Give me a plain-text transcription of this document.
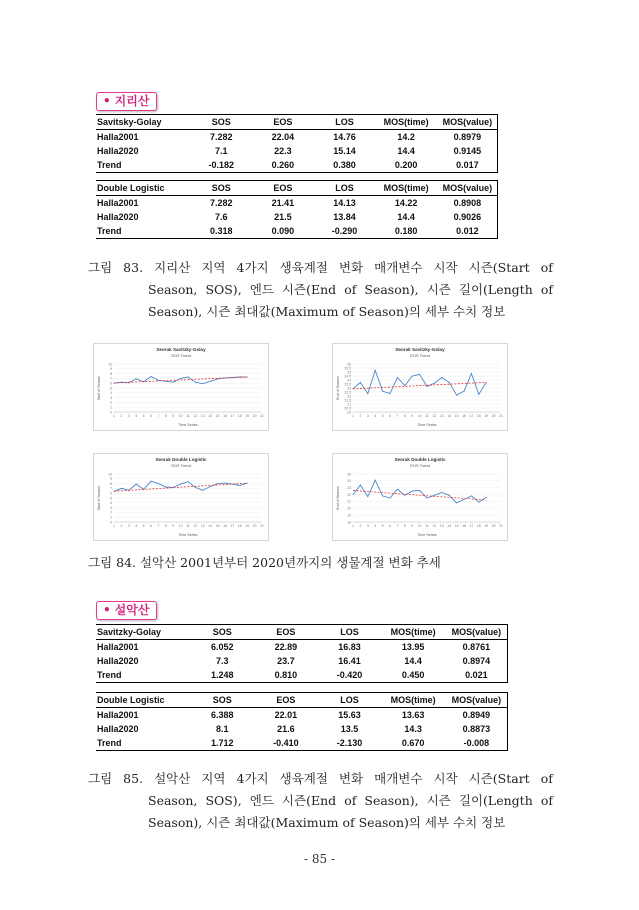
• 지리산
Savitsky-Golay	SOS	EOS	LOS	MOS(time)	MOS(value)
Halla2001	7.282	22.04	14.76	14.2	0.8979
Halla2020	7.1	22.3	15.14	14.4	0.9145
Trend	-0.182	0.260	0.380	0.200	0.017
Double Logistic	SOS	EOS	LOS	MOS(time)	MOS(value)
Halla2001	7.282	21.41	14.13	14.22	0.8908
Halla2020	7.6	21.5	13.84	14.4	0.9026
Trend	0.318	0.090	-0.290	0.180	0.012
그림 83. 지리산 지역 4가지 생육계절 변화 매개변수 시작 시즌(Start of
Season, SOS), 엔드 시즌(End of Season), 시즌 길이(Length of
Season), 시즌 최대값(Maximum of Season)의 세부 수치 정보
Seorak Savitzky-Golay
SOS Trend
0
1
2
3
4
5
6
7
8
9
10
1 2 3 4 5 6 7 8 9 10 11 12 13 14 15 16 17 18 19 20 21
Time Series
Start of Season
Seorak Savitzky-Golay
EOS Trend
20
20.5
21
21.5
22
22.5
23
23.5
24
24.5
25
25.5
26
1 2 3 4 5 6 7 8 9 10 11 12 13 14 15 16 17 18 19 20 21
Time Series
End of Season
Seorak Double Logistic
SOS Trend
0
1
2
3
4
5
6
7
8
9
10
1 2 3 4 5 6 7 8 9 10 11 12 13 14 15 16 17 18 19 20 21
Time Series
Start of Season
Seorak Double Logistic
EOS Trend
18
19
20
21
22
23
24
25
1 2 3 4 5 6 7 8 9 10 11 12 13 14 15 16 17 18 19 20 21
Time Series
End of Season
그림 84. 설악산 2001년부터 2020년까지의 생물계절 변화 추세
• 설악산
Savitzky-Golay	SOS	EOS	LOS	MOS(time)	MOS(value)
Halla2001	6.052	22.89	16.83	13.95	0.8761
Halla2020	7.3	23.7	16.41	14.4	0.8974
Trend	1.248	0.810	-0.420	0.450	0.021
Double Logistic	SOS	EOS	LOS	MOS(time)	MOS(value)
Halla2001	6.388	22.01	15.63	13.63	0.8949
Halla2020	8.1	21.6	13.5	14.3	0.8873
Trend	1.712	-0.410	-2.130	0.670	-0.008
그림 85. 설악산 지역 4가지 생육계절 변화 매개변수 시작 시즌(Start of
Season, SOS), 엔드 시즌(End of Season), 시즌 길이(Length of
Season), 시즌 최대값(Maximum of Season)의 세부 수치 정보
- 85 -
